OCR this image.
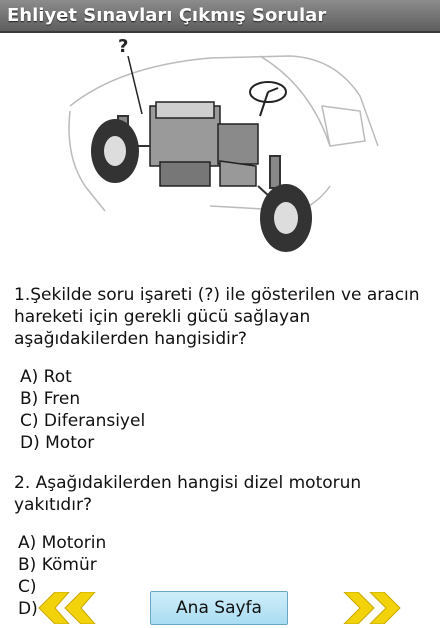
Ehliyet Sınavları Çıkmış Sorular
?

1.Şekilde soru işareti (?) ile gösterilen ve aracın hareketi için gerekli gücü sağlayan aşağıdakilerden hangisidir?

A) Rot
B) Fren
C) Diferansiyel
D) Motor

2. Aşağıdakilerden hangisi dizel motorun yakıtıdır?

A) Motorin
B) Kömür
C)
D)	Ana Sayfa
